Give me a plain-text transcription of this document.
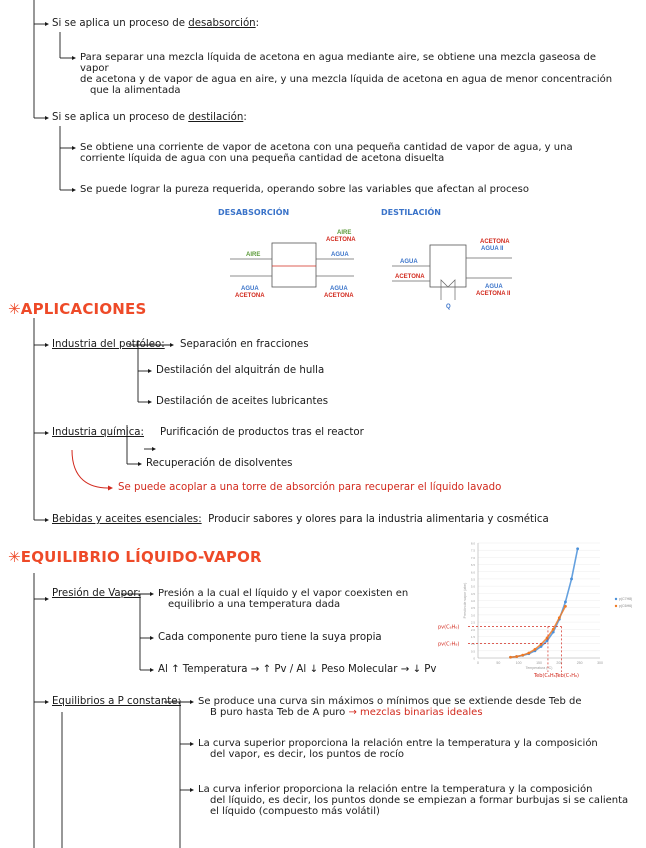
Si se aplica un proceso de desabsorción:
Para separar una mezcla líquida de acetona en agua mediante aire, se obtiene una mezcla gaseosa de vapor
de acetona y de vapor de agua en aire, y una mezcla líquida de acetona en agua de menor concentración
que la alimentada
Si se aplica un proceso de destilación:
Se obtiene una corriente de vapor de acetona con una pequeña cantidad de vapor de agua, y una
corriente líquida de agua con una pequeña cantidad de acetona disuelta
Se puede lograr la pureza requerida, operando sobre las variables que afectan al proceso
DESABSORCIÓN	DESTILACIÓN
AIRE
AIRE
ACETONA
AGUA
AGUA
ACETONA
AGUA
ACETONA
AGUA
ACETONA
ACETONA
AGUA II
AGUA
ACETONA II
Q
✳APLICACIONES
Industria del petróleo: Separación en fracciones
Destilación del alquitrán de hulla
Destilación de aceites lubricantes
Industria química: Purificación de productos tras el reactor
Recuperación de disolventes
Se puede acoplar a una torre de absorción para recuperar el líquido lavado
Bebidas y aceites esenciales: Producir sabores y olores para la industria alimentaria y cosmética
✳EQUILIBRIO LÍQUIDO-VAPOR
Presión de Vapor: Presión a la cual el líquido y el vapor coexisten en
equilibrio a una temperatura dada
Cada componente puro tiene la suya propia
Al ↑ Temperatura → ↑ Pv / Al ↓ Peso Molecular → ↓ Pv
Equilibrios a P constante: Se produce una curva sin máximos o mínimos que se extiende desde Teb de
B puro hasta Teb de A puro → mezclas binarias ideales
La curva superior proporciona la relación entre la temperatura y la composición
del vapor, es decir, los puntos de rocío
La curva inferior proporciona la relación entre la temperatura y la composición
del líquido, es decir, los puntos donde se empiezan a formar burbujas si se calienta
el líquido (compuesto más volátil)
0
0.5
1.0
1.5
2.0
2.5
3.0
3.5
4.0
4.5
5.0
5.5
6.0
6.5
7.0
7.5
8.0
0	50	100	150	200	250	300
Temperatura (ºC)
Presión de vapor (atm)	p(C7H8)
p(C6H6)
pv(C₆H₆)
pv(C₇H₈)
Teb(C₆H₆)
Teb(C₇H₈)
